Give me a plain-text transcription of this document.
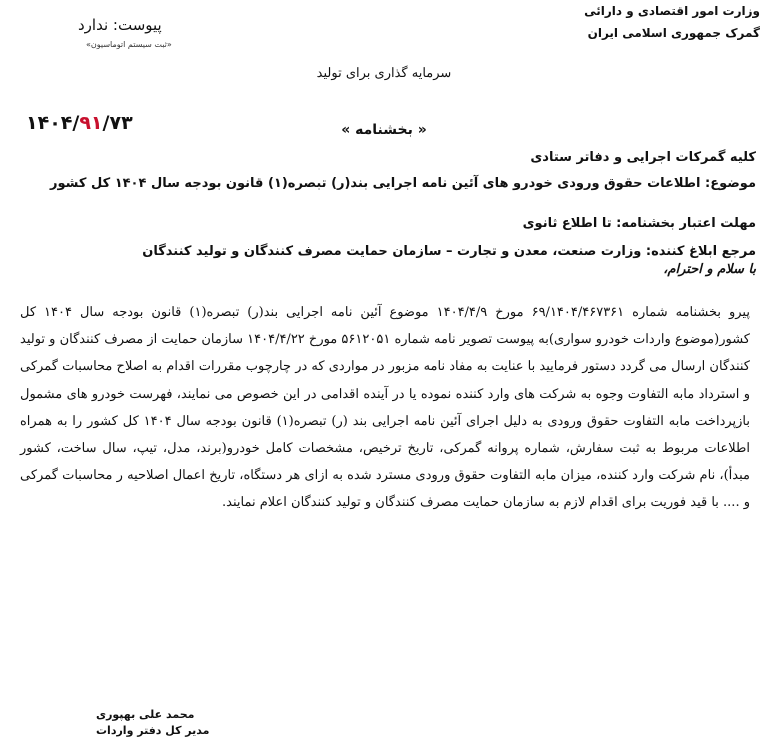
وزارت امور اقتصادی و دارائی
گمرک جمهوری اسلامی ایران
پیوست: ندارد
«ثبت سیستم اتوماسیون»
سرمایه گذاری برای تولید
۱۴۰۴/۹۱/۷۳	« بخشنامه »
کلیه گمرکات اجرایی و دفاتر ستادی
موضوع: اطلاعات حقوق ورودی خودرو های آئین نامه اجرایی بند(ر) تبصره(۱) قانون بودجه سال ۱۴۰۴ کل کشور
مهلت اعتبار بخشنامه: تا اطلاع ثانوی
مرجع ابلاغ کننده: وزارت صنعت، معدن و تجارت – سازمان حمایت مصرف کنندگان و تولید کنندگان
با سلام و احترام،
پیرو بخشنامه شماره ۶۹/۱۴۰۴/۴۶۷۳۶۱ مورخ ۱۴۰۴/۴/۹ موضوع آئین نامه اجرایی بند(ر) تبصره(۱) قانون بودجه سال ۱۴۰۴ کل کشور(موضوع واردات خودرو سواری)به پیوست تصویر نامه شماره ۵۶۱۲۰۵۱ مورخ ۱۴۰۴/۴/۲۲ سازمان حمایت از مصرف کنندگان و تولید کنندگان ارسال می گردد دستور فرمایید با عنایت به مفاد نامه مزبور در مواردی که در چارچوب مقررات اقدام به اصلاح محاسبات گمرکی و استرداد مابه التفاوت وجوه به شرکت های وارد کننده نموده یا در آینده اقدامی در این خصوص می نمایند، فهرست خودرو های مشمول بازپرداخت مابه التفاوت حقوق ورودی به دلیل اجرای آئین نامه اجرایی بند (ر) تبصره(۱) قانون بودجه سال ۱۴۰۴ کل کشور را به همراه اطلاعات مربوط به ثبت سفارش، شماره پروانه گمرکی، تاریخ ترخیص، مشخصات کامل خودرو(برند، مدل، تیپ، سال ساخت، کشور مبدأ)، نام شرکت وارد کننده، میزان مابه التفاوت حقوق ورودی مسترد شده به ازای هر دستگاه، تاریخ اعمال اصلاحیه ر محاسبات گمرکی و .... با قید فوریت برای اقدام لازم به سازمان حمایت مصرف کنندگان و تولید کنندگان اعلام نمایند.
محمد علی بهپوری
مدیر کل دفتر واردات
